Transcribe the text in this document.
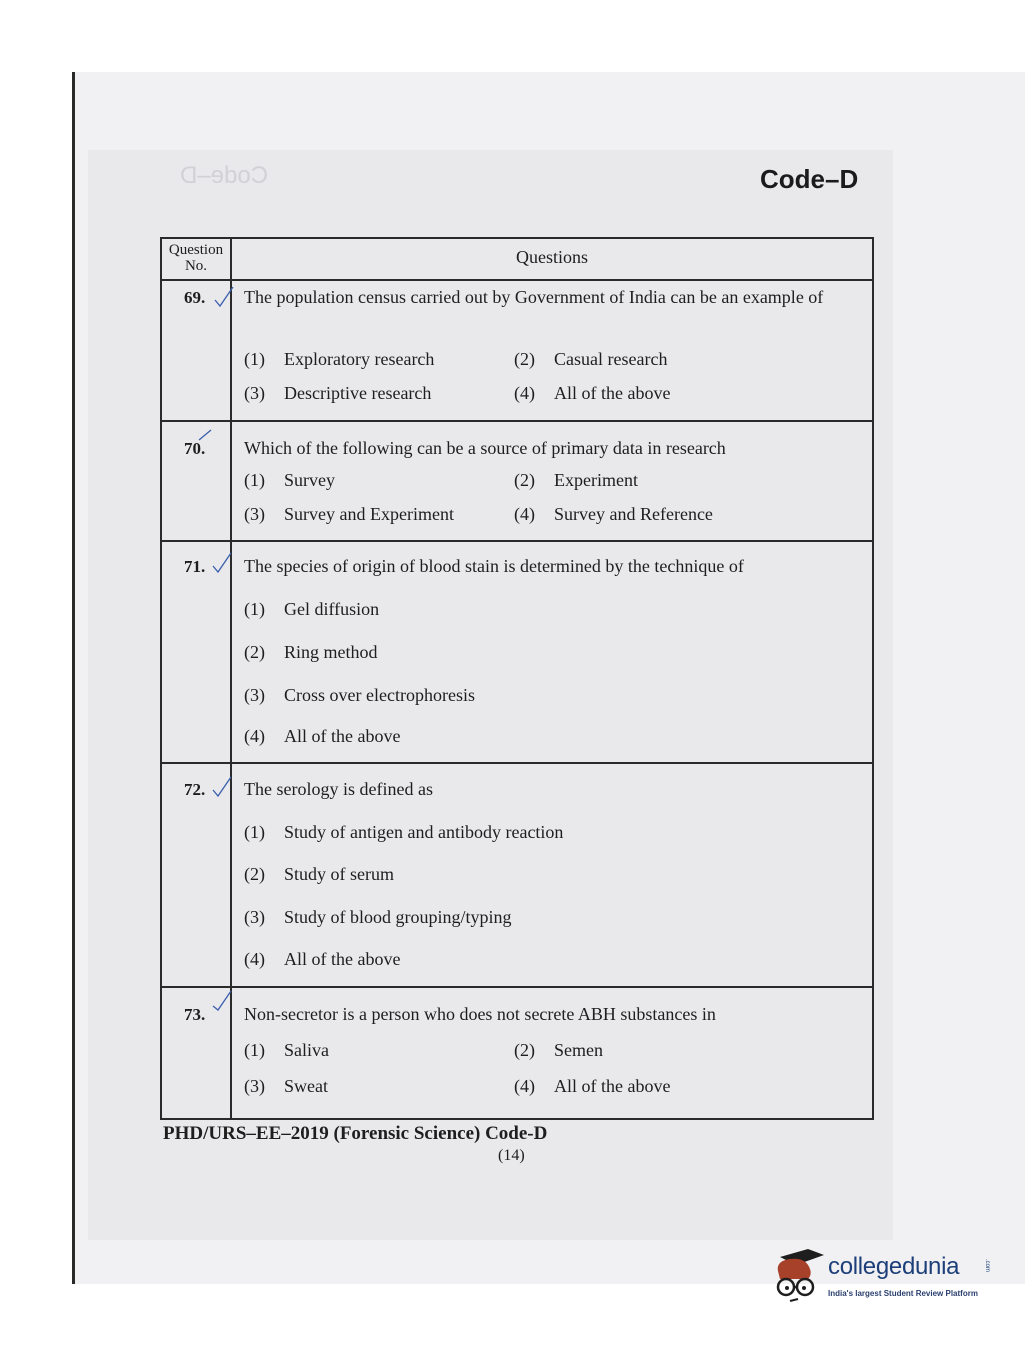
Code–D	Code–D
Question
No.	Questions
69. The population census carried out by Government of India can be an example of
(1) Exploratory research	(2) Casual research
(3) Descriptive research	(4) All of the above
70. Which of the following can be a source of primary data in research
(1) Survey	(2) Experiment
(3) Survey and Experiment	(4) Survey and Reference
71. The species of origin of blood stain is determined by the technique of
(1) Gel diffusion
(2) Ring method
(3) Cross over electrophoresis
(4) All of the above
72. The serology is defined as
(1) Study of antigen and antibody reaction
(2) Study of serum
(3) Study of blood grouping/typing
(4) All of the above
73. Non-secretor is a person who does not secrete ABH substances in
(1) Saliva	(2) Semen
(3) Sweat	(4) All of the above
PHD/URS–EE–2019 (Forensic Science) Code-D
(14)
collegedunia	.com
India's largest Student Review Platform
